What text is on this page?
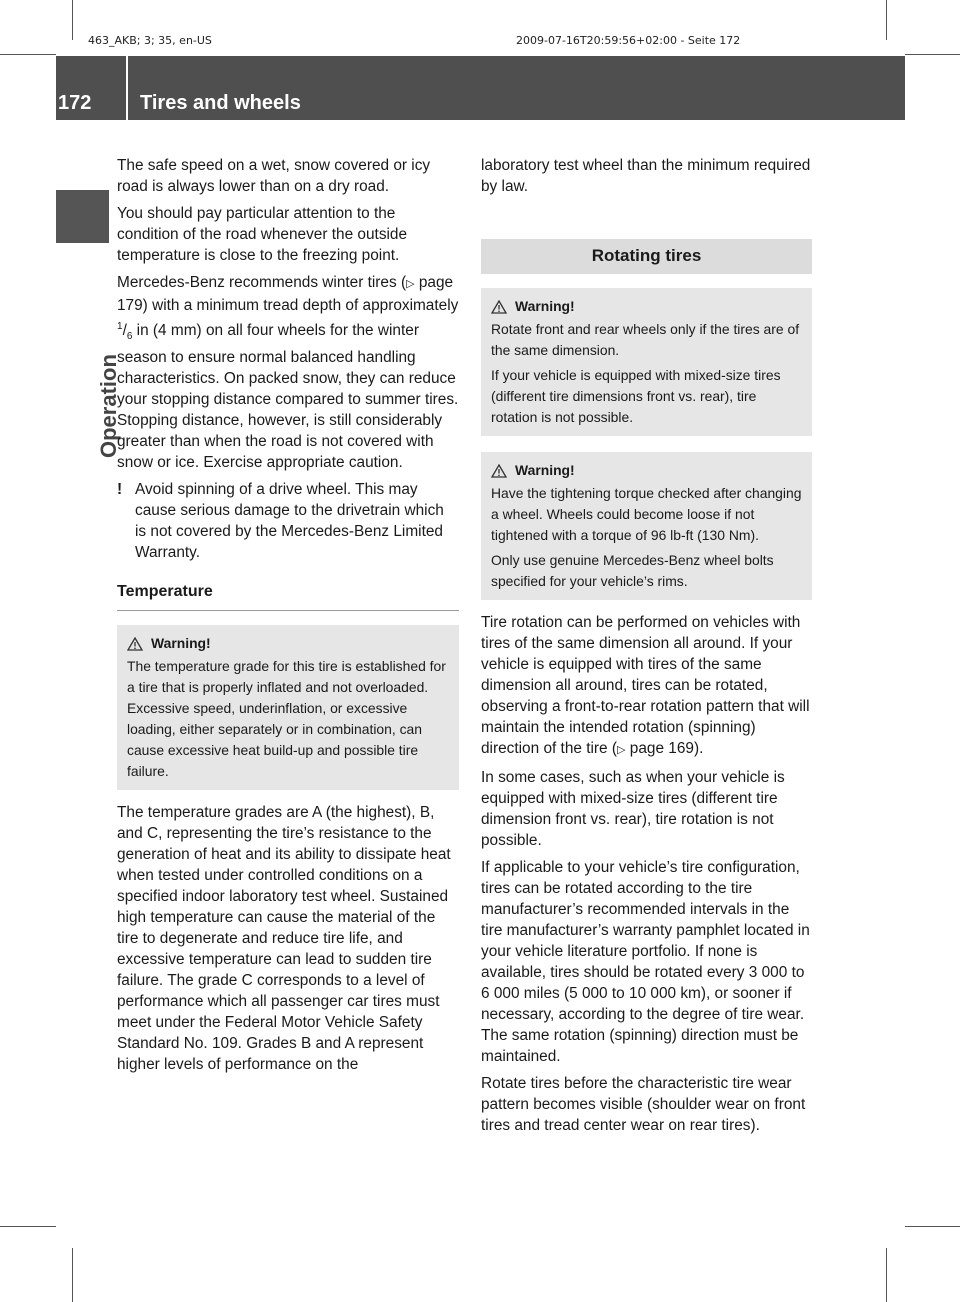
463_AKB; 3; 35, en-US

	2009-07-16T20:59:56+02:00 - Seite 172

172 Tires and wheels
Operation

The safe speed on a wet, snow covered or icy road is always lower than on a dry road.

You should pay particular attention to the condition of the road whenever the outside temperature is close to the freezing point.

Mercedes-Benz recommends winter tires (▷ page 179) with a minimum tread depth of approximately $^1/_6$ in (4 mm) on all four wheels for the winter season to ensure normal balanced handling characteristics. On packed snow, they can reduce your stopping distance compared to summer tires. Stopping distance, however, is still considerably greater than when the road is not covered with snow or ice. Exercise appropriate caution.

! Avoid spinning of a drive wheel. This may cause serious damage to the drivetrain which is not covered by the Mercedes-Benz Limited Warranty.
Temperature
Warning!

The temperature grade for this tire is established for a tire that is properly inflated and not overloaded. Excessive speed, underinflation, or excessive loading, either separately or in combination, can cause excessive heat build-up and possible tire failure.

The temperature grades are A (the highest), B, and C, representing the tire’s resistance to the generation of heat and its ability to dissipate heat when tested under controlled conditions on a specified indoor laboratory test wheel. Sustained high temperature can cause the material of the tire to degenerate and reduce tire life, and excessive temperature can lead to sudden tire failure. The grade C corresponds to a level of performance which all passenger car tires must meet under the Federal Motor Vehicle Safety Standard No. 109. Grades B and A represent higher levels of performance on the

laboratory test wheel than the minimum required by law.

Rotating tires
Warning!

Rotate front and rear wheels only if the tires are of the same dimension.

If your vehicle is equipped with mixed-size tires (different tire dimensions front vs. rear), tire rotation is not possible.

Warning!

Have the tightening torque checked after changing a wheel. Wheels could become loose if not tightened with a torque of 96 lb-ft (130 Nm).

Only use genuine Mercedes-Benz wheel bolts specified for your vehicle’s rims.

Tire rotation can be performed on vehicles with tires of the same dimension all around. If your vehicle is equipped with tires of the same dimension all around, tires can be rotated, observing a front-to-rear rotation pattern that will maintain the intended rotation (spinning) direction of the tire (▷ page 169).

In some cases, such as when your vehicle is equipped with mixed-size tires (different tire dimension front vs. rear), tire rotation is not possible.

If applicable to your vehicle’s tire configuration, tires can be rotated according to the tire manufacturer’s recommended intervals in the tire manufacturer’s warranty pamphlet located in your vehicle literature portfolio. If none is available, tires should be rotated every 3 000 to 6 000 miles (5 000 to 10 000 km), or sooner if necessary, according to the degree of tire wear. The same rotation (spinning) direction must be maintained.

Rotate tires before the characteristic tire wear pattern becomes visible (shoulder wear on front tires and tread center wear on rear tires).
